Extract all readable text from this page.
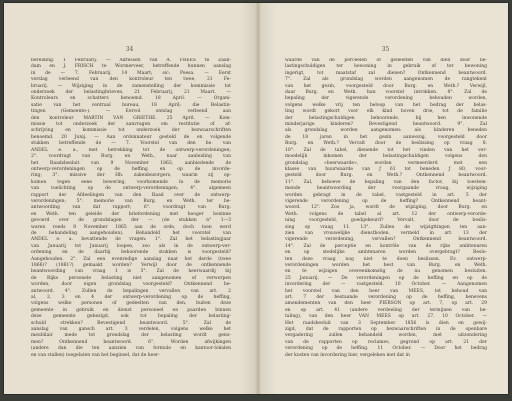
34
bereiding. 1 Februarij. — Adressen van A. FREES te Zaan-
dam en J. FRISCH te Wormerveer, betreffende hunnen aanslag
in de — 7. Februarij. 14 Maart; sic: Poesa. — Eerst
verslag verleend van den kontroleur ten twee, 21 Fe-
bruarij. — Wijziging in de zamenstelling der kommissie tot
onderzoek der belastingbrieven, 21 Februarij, 21 Maart. —
Kontroleurs en schatters benoemd. 18 April. — Organi-
satie van het centraal bureau, 18 April; die Belastin-
tingen (Gemeente-). — Eervol ontslag verleend aan
den kontroleur MARTIN VAN GRIETHE. 25 April. — Kom-
missie tot onderzoek der aanvragen om restitutie of af-
schrijving en kommissie tot onderzoek der bezwaarschriften
benoemd. 20 Junij. — Aan ordonnateur gesteld de en volgende
stukken betreffende de — 7. Voorstel van den he. van
ANDEL e. a., met betrekking tot de ontwerp-verordeningen;
2°. voordragt van Burg. en Weth., naar aanleiding van
het Raadsbesluit van 9 November 1863, aanbiedende de
ontwerp-verordeningen op de heffing en op de invorde-
ring; 3°. missive der Hh. zakenbezorgers, waarin zij op-
komen tegen eene bewering, voorkomende in de memorie
van toelichting op de ontwerp-verordeningen; 4°. algemeen
rapport der Afdeelingen van den Raad over de ontwerp-
verordeningen; 5°. memorie van Burg. en Weth. ter be-
antwoording van dat rapport; 6°. voordragt van Burg.
en Weth. ten geleide der briefordening met hooger bezinne
gevoerd over de grondslagen der — (de stukken n° 1—3
waren reeds 8 November 1865 aan de orde, doch toen werd
de behandeling aangehouden). Behandeld het voorstel van
ANDEL e. a. bevattende de vragen: 1°. Zal het belastingjaar
van Januarij tot Januarij loopen, zoo als in de ontwerp-ver-
ordening en de daarbij behoorende stukken is voorgesteld?
Aangehouden. 2°. Zal een evenredige aanslag naar het derde (twee
1866)? (1861?) gemaakt worden? Verwijl door de ontkennende
beantwoording van vraag 1 is 3°. Zal de heerwaardij bij
de Rijks personele belasting niet aangenomen of verworpen
worden, door eigen grondslag voorgesteld? Ontkennend be-
antwoord. 4°. Zullen de bepalingen vervallen van art. 2
al, 2, 3 en 4 der ontwerp-verordening op de heffing,
volgens welke personen of gedeelten van den, buiten deze
gemeente in gebruik en dienst personeel en paarden binnen
deze gemeente gebezigd, ook tot bepaling der belasting-
schuld strekken? Bevestigend beantwoord. 5°. Zal de
aanslag van gansch art. 3 verdelen, volgens welke het
meubilair mede tot grondslag der belasting wordt geno-
men? Ontkennend beantwoord. 6°. Worden afwijkingen
(andere dan die ten aanzien van formule en kantoor-lokalen
en van stallen) toegelaten van het beginsel, dat de heer-
35
waarde van de perceelen of gedeelten van dien door be-
lastingschuldigen ter bewoning in gebruik of ter bewoning
ingerigt, tot maatstaf zal dienen? Ontkennend beantwoord.
7°. Zal als grondslag worden aangenomen de rangtekent
van het gezin, voorgesteld door Burg. en Weth.? Verwijl,
daar Burg. en Weth. hun voorstel introkken. 8°. Zal de
bepaling der vigerende verordening behouden worden,
volgens welke vrij ten beloop van het bedrag der belas-
ting wordt gekort voor elk kind boven drie, tot de familie
der belastingschuldigen behoorende, bij hen inwonende
minderjarige kinderen? Bevestigend beantwoord. 9°. Zal
als grondslag worden aangenomen: als kinderen beneden
de 18 jaren in het gezin aanwezig, voorgesteld door
Burg. en Weth.? Vervalt door de beslissing op vraag 8.
10°. Zal de tabel, dienende tot het vinden van het ver-
moedelijk inkomen der belastingschuldigen volgens den
grondslag «heerwaarde», worden vermeerderd met een
klasse van huurwaarde van ƒ 61 tot beneden ƒ 80, voor-
gesteld door Burg. en Weth.? Ontkennend beantwoord.
11°. Zal, behoeve de bepaling van den factor, bij toestem-
mende beantwoording der voorgaande vraag, wijziging
worden gebragt in de tabel, vastgesteld in art. 5 der
vigerende verordening op de heffing? Ontkennend beant-
woord. 12°. Zoo ja, wordt de wijziging, door Burg. en
Weth. volgens de tabel al art. 12 der ontwerp-verorde-
ning voorgesteld, goedgekeurd? Vervalt, door de beslis-
sing op vraag 11. 13°. Zullen de wijzigttingen ten aan-
zien van vrouwelijke dienstboden, vermeld in art. 13 der
vigerende verordening, vervallen? Ontkennend beantwoord.
14°. Zal de perceptie en kontrôle van de rijks ambtenaren
en op stedelijke ambtenaren worden overgebragt? Beslo-
ten deze vraag nog niet te doen beslissen. Ev. ontwerp-
verordeningen worden het best van Burg. en Weth.
en te wijzigen overeenkomstig de nu genomen besluiten.
25 Januarij. — De verordeningen op de heffing en op de
invordering der — vastgesteld. 10 October. — Aangenomen
het voorstel van den heer van MEES, tot behoud van
art. 7 der bestaande verordening op de heffing, benevens
amendementen van den heer PIERSON op art. 7, op art. 29
en op art. 41 (andere verdeeling der termijnen van be-
taling), van den heer VAN MEES op art. 27. 10 October. —
Het raadsbesluit van 3 September 1856 is dien en gewij-
zigd, dat de rapporten op bezwaarschriften in de openbare
vergadering zullen behandeld worden, met uitzondering
van de rapporten op reclames, gegrond op art. 21 der
verordening op de heffing. 11 October. — Door het bedrag
der kosten van invordering hier, vergeleken met dat in
